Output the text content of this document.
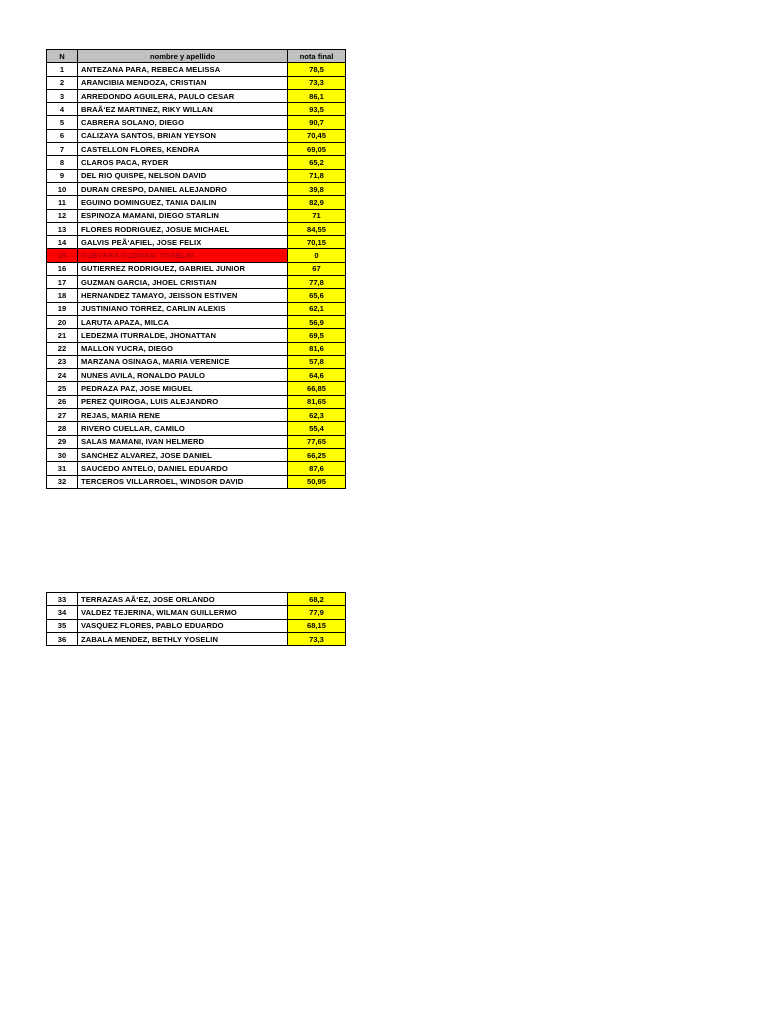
N	nombre y apellido	nota final
1	ANTEZANA PARA, REBECA MELISSA	78,5
2	ARANCIBIA MENDOZA, CRISTIAN	73,3
3	ARREDONDO AGUILERA, PAULO CESAR	86,1
4	BRAÃ‘EZ MARTINEZ, RIKY WILLAN	93,5
5	CABRERA SOLANO, DIEGO	90,7
6	CALIZAYA SANTOS, BRIAN YEYSON	70,45
7	CASTELLON FLORES, KENDRA	69,05
8	CLAROS PACA, RYDER	65,2
9	DEL RIO QUISPE, NELSON DAVID	71,8
10	DURAN CRESPO, DANIEL ALEJANDRO	39,8
11	EGUINO DOMINGUEZ, TANIA DAILIN	82,9
12	ESPINOZA MAMANI, DIEGO STARLIN	71
13	FLORES RODRIGUEZ, JOSUE MICHAEL	84,55
14	GALVIS PEÃ‘AFIEL, JOSE FELIX	70,15
15	GUEVARA GUZMAN, YOSELIN	0
16	GUTIERREZ RODRIGUEZ, GABRIEL JUNIOR	67
17	GUZMAN GARCIA, JHOEL CRISTIAN	77,8
18	HERNANDEZ TAMAYO, JEISSON ESTIVEN	65,6
19	JUSTINIANO TORREZ, CARLIN ALEXIS	62,1
20	LARUTA APAZA, MILCA	56,9
21	LEDEZMA ITURRALDE, JHONATTAN	69,5
22	MALLON YUCRA, DIEGO	81,6
23	MARZANA OSINAGA, MARIA VERENICE	57,8
24	NUNES AVILA, RONALDO PAULO	64,6
25	PEDRAZA PAZ, JOSE MIGUEL	66,85
26	PEREZ QUIROGA, LUIS ALEJANDRO	81,65
27	REJAS, MARIA RENE	62,3
28	RIVERO CUELLAR, CAMILO	55,4
29	SALAS MAMANI, IVAN HELMERD	77,65
30	SANCHEZ ALVAREZ, JOSE DANIEL	66,25
31	SAUCEDO ANTELO, DANIEL EDUARDO	87,6
32	TERCEROS VILLARROEL, WINDSOR DAVID	50,95
33	TERRAZAS AÃ‘EZ, JOSE ORLANDO	68,2
34	VALDEZ TEJERINA, WILMAN GUILLERMO	77,9
35	VASQUEZ FLORES, PABLO EDUARDO	68,15
36	ZABALA MENDEZ, BETHLY YOSELIN	73,3
